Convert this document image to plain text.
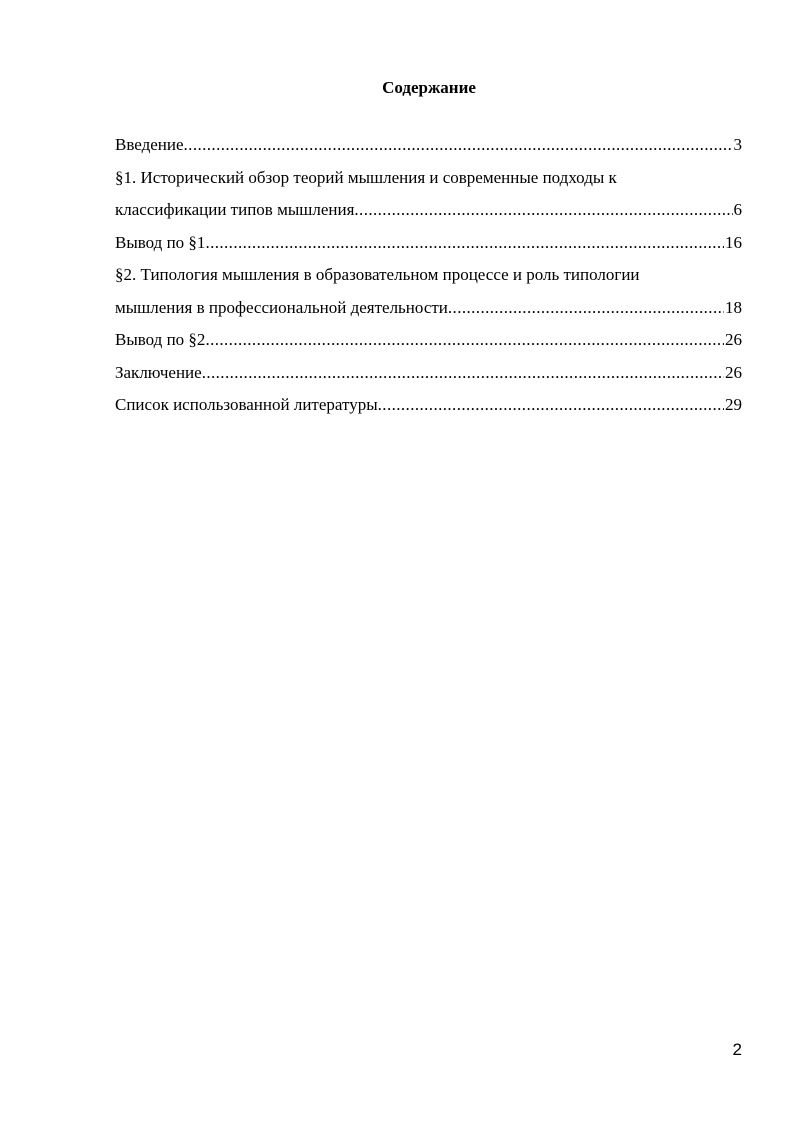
Содержание
Введение .....	3
§1. Исторический обзор теорий мышления и современные подходы к
классификации типов мышления .....	6
Вывод по §1 .....	16
§2. Типология мышления в образовательном процессе и роль типологии
мышления в профессиональной деятельности .....	18
Вывод по §2 .....	26
Заключение .....	26
Список использованной литературы .....	29
2
